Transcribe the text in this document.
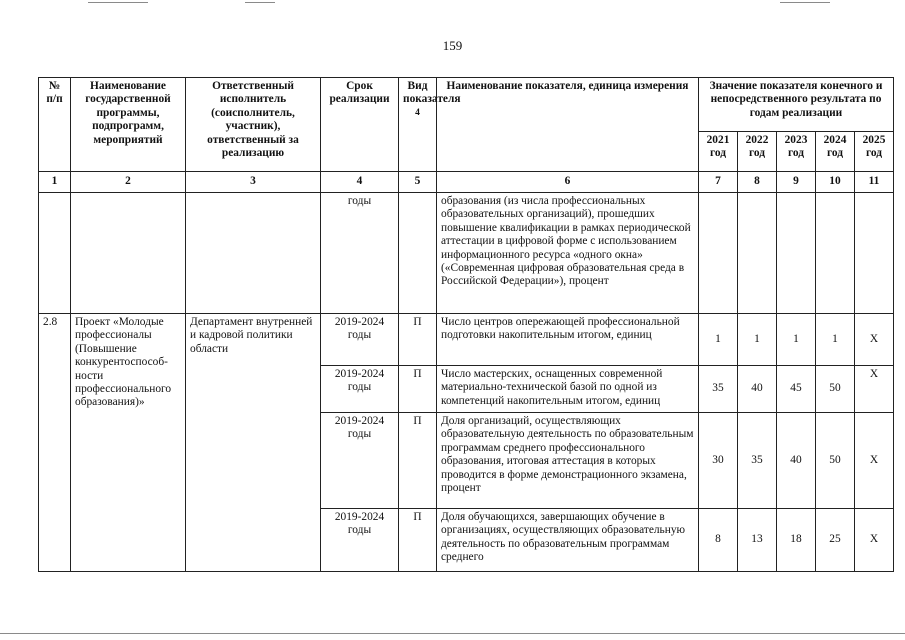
159
№ п/п	Наименование государственной программы, подпрограмм, мероприятий	Ответственный исполнитель (соисполнитель, участник), ответственный за реализацию	Срок реализации	Вид показателя $^4$	Наименование показателя, единица измерения	Значение показателя конечного и непосредственного результата по годам реализации				
						2021 год	2022 год	2023 год	2024 год	2025 год
1	2	3	4	5	6	7	8	9	10	11
			годы		образования (из числа профессиональных образовательных организаций), прошедших повышение квалификации в рамках периодической аттестации в цифровой форме с использованием информационного ресурса «одного окна» («Современная цифровая образовательная среда в Российской Федерации»), процент					
2.8	Проект «Молодые профессионалы (Повышение конкурентоспособ-ности профессионального образования)»	Департамент внутренней и кадровой политики области	2019-2024 годы	П	Число центров опережающей профессиональной подготовки накопительным итогом, единиц	1	1	1	1	Х
			2019-2024 годы	П	Число мастерских, оснащенных современной материально-технической базой по одной из компетенций накопительным итогом, единиц	35	40	45	50	Х
			2019-2024 годы	П	Доля организаций, осуществляющих образовательную деятельность по образовательным программам среднего профессионального образования, итоговая аттестация в которых проводится в форме демонстрационного экзамена, процент	30	35	40	50	Х
			2019-2024 годы	П	Доля обучающихся, завершающих обучение в организациях, осуществляющих образовательную деятельность по образовательным программам среднего	8	13	18	25	Х
